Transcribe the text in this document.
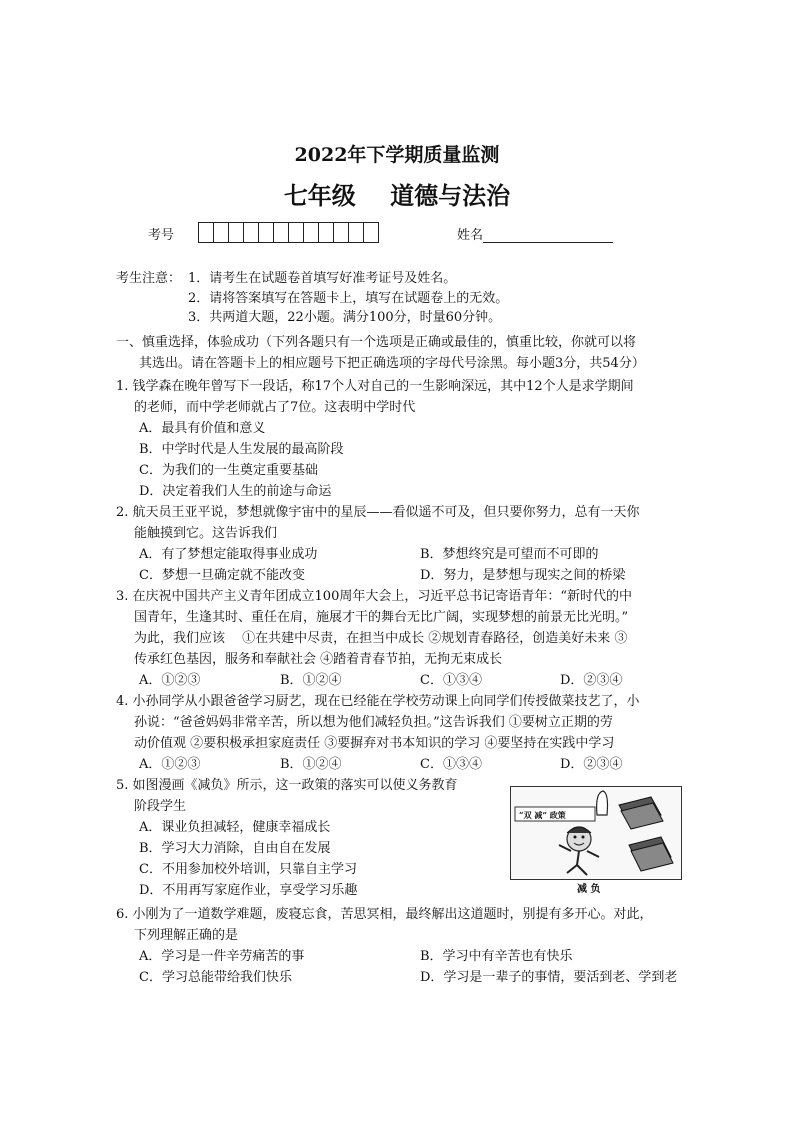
2022年下学期质量监测
七年级 道德与法治
考号	姓名
考生注意： 1．请考生在试题卷首填写好准考证号及姓名。
2．请将答案填写在答题卡上，填写在试题卷上的无效。
3．共两道大题，22小题。满分100分，时量60分钟。
一、慎重选择，体验成功（下列各题只有一个选项是正确或最佳的，慎重比较，你就可以将
其选出。请在答题卡上的相应题号下把正确选项的字母代号涂黑。每小题3分，共54分）
1. 钱学森在晚年曾写下一段话，称17个人对自己的一生影响深远，其中12个人是求学期间
的老师，而中学老师就占了7位。这表明中学时代
A．最具有价值和意义
B．中学时代是人生发展的最高阶段
C．为我们的一生奠定重要基础
D．决定着我们人生的前途与命运
2. 航天员王亚平说，梦想就像宇宙中的星辰——看似遥不可及，但只要你努力，总有一天你
能触摸到它。这告诉我们
A．有了梦想定能取得事业成功	B．梦想终究是可望而不可即的
C．梦想一旦确定就不能改变	D．努力，是梦想与现实之间的桥梁
3. 在庆祝中国共产主义青年团成立100周年大会上，习近平总书记寄语青年：“新时代的中
国青年，生逢其时、重任在肩，施展才干的舞台无比广阔，实现梦想的前景无比光明。”
为此，我们应该　 ①在共建中尽责，在担当中成长 ②规划青春路径，创造美好未来 ③
传承红色基因，服务和奉献社会 ④踏着青春节拍，无拘无束成长
A．①②③	B．①②④	C．①③④	D．②③④
4. 小孙同学从小跟爸爸学习厨艺，现在已经能在学校劳动课上向同学们传授做菜技艺了，小
孙说：“爸爸妈妈非常辛苦，所以想为他们减轻负担。”这告诉我们 ①要树立正期的劳
动价值观 ②要积极承担家庭责任 ③要摒弃对书本知识的学习 ④要坚持在实践中学习
A．①②③	B．①②④	C．①③④	D．②③④
5. 如图漫画《减负》所示，这一政策的落实可以使义务教育
阶段学生
A．课业负担减轻，健康幸福成长
B．学习大力消除，自由自在发展
C．不用参加校外培训，只靠自主学习
D．不用再写家庭作业，享受学习乐趣
“双 减” 政策
减 负
6. 小刚为了一道数学难题，废寝忘食，苦思冥相，最终解出这道题时，别提有多开心。对此，
下列理解正确的是
A．学习是一件辛劳痛苦的事	B．学习中有辛苦也有快乐
C．学习总能带给我们快乐	D．学习是一辈子的事情，要活到老、学到老
